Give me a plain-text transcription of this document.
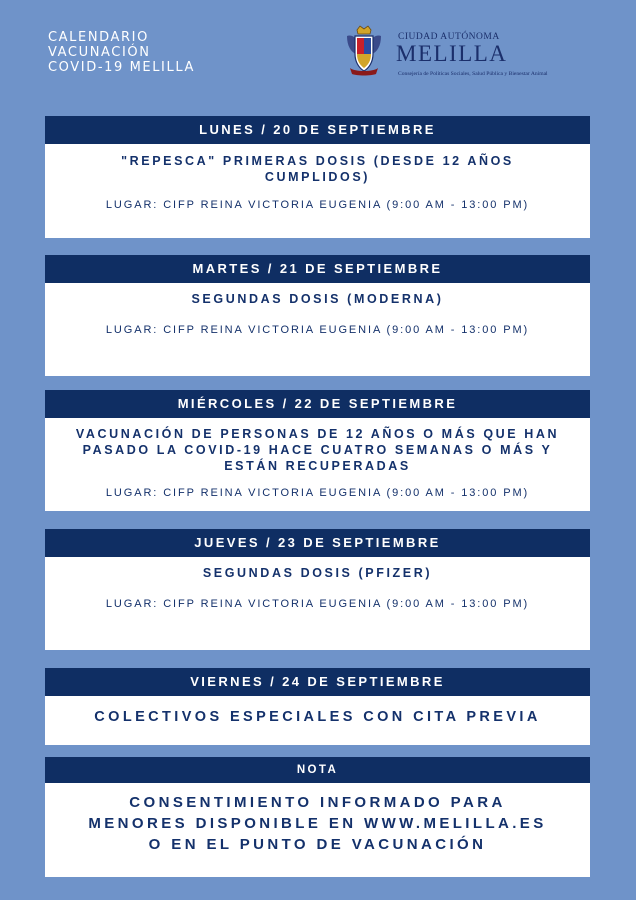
CALENDARIO
VACUNACIÓN
COVID-19 MELILLA
CIUDAD AUTÓNOMA
MELILLA
Consejería de Políticas Sociales, Salud Pública y Bienestar Animal
LUNES / 20 DE SEPTIEMBRE
"REPESCA" PRIMERAS DOSIS (DESDE 12 AÑOS
CUMPLIDOS)
LUGAR: CIFP REINA VICTORIA EUGENIA (9:00 AM - 13:00 PM)
MARTES / 21 DE SEPTIEMBRE
SEGUNDAS DOSIS (MODERNA)
LUGAR: CIFP REINA VICTORIA EUGENIA (9:00 AM - 13:00 PM)
MIÉRCOLES / 22 DE SEPTIEMBRE
VACUNACIÓN DE PERSONAS DE 12 AÑOS O MÁS QUE HAN
PASADO LA COVID-19 HACE CUATRO SEMANAS O MÁS Y
ESTÁN RECUPERADAS
LUGAR: CIFP REINA VICTORIA EUGENIA (9:00 AM - 13:00 PM)
JUEVES / 23 DE SEPTIEMBRE
SEGUNDAS DOSIS (PFIZER)
LUGAR: CIFP REINA VICTORIA EUGENIA (9:00 AM - 13:00 PM)
VIERNES / 24 DE SEPTIEMBRE
COLECTIVOS ESPECIALES CON CITA PREVIA
NOTA
CONSENTIMIENTO INFORMADO PARA
MENORES DISPONIBLE EN WWW.MELILLA.ES
O EN EL PUNTO DE VACUNACIÓN
